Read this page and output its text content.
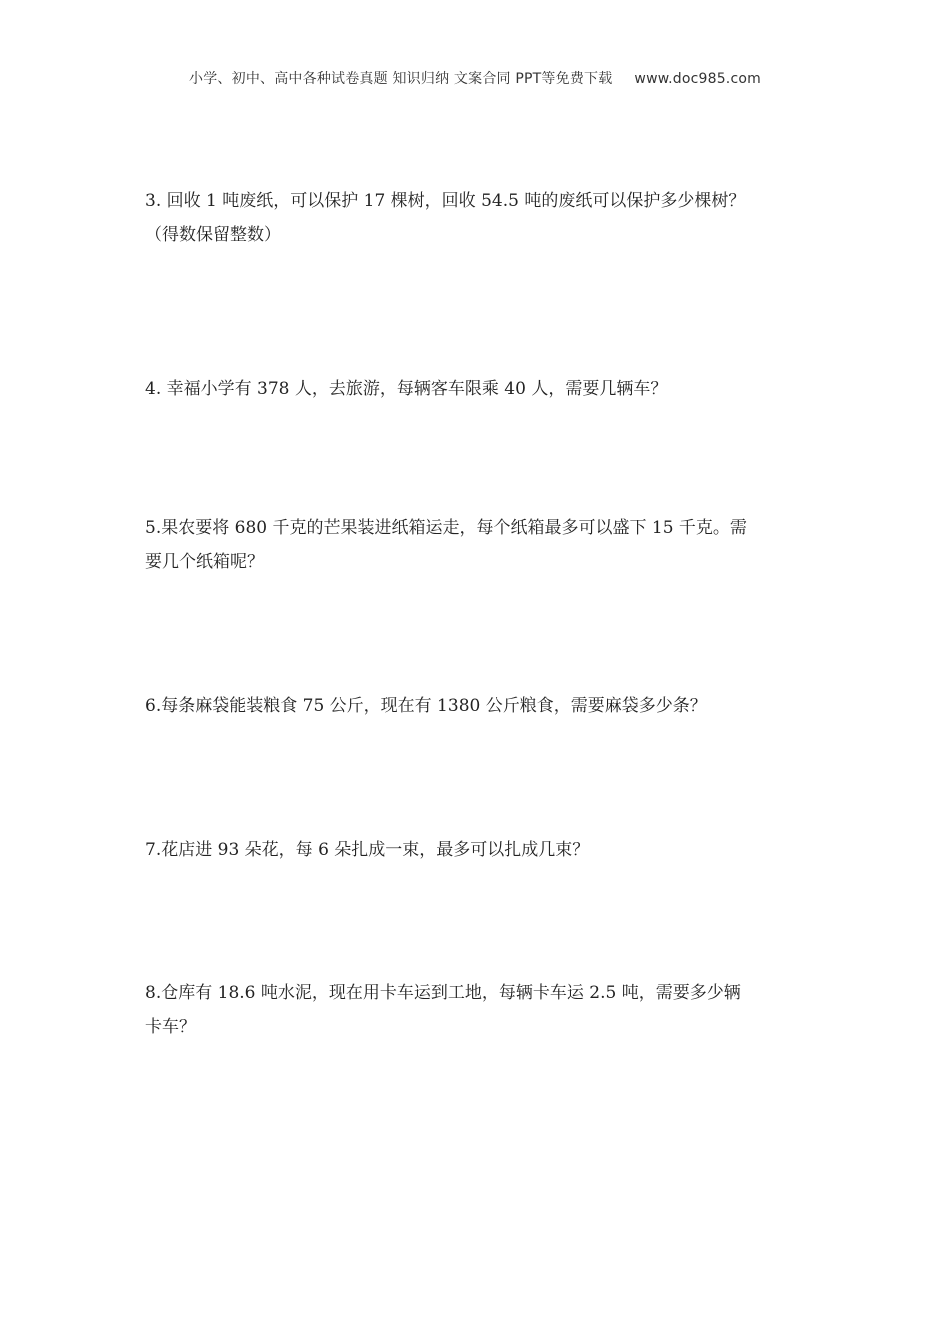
小学、初中、高中各种试卷真题 知识归纳 文案合同 PPT等免费下载 www.doc985.com
3. 回收 1 吨废纸，可以保护 17 棵树，回收 54.5 吨的废纸可以保护多少棵树？
（得数保留整数）
4. 幸福小学有 378 人，去旅游，每辆客车限乘 40 人，需要几辆车？
5.果农要将 680 千克的芒果装进纸箱运走，每个纸箱最多可以盛下 15 千克。需
要几个纸箱呢？
6.每条麻袋能装粮食 75 公斤，现在有 1380 公斤粮食，需要麻袋多少条？
7.花店进 93 朵花，每 6 朵扎成一束，最多可以扎成几束？
8.仓库有 18.6 吨水泥，现在用卡车运到工地，每辆卡车运 2.5 吨，需要多少辆
卡车？
